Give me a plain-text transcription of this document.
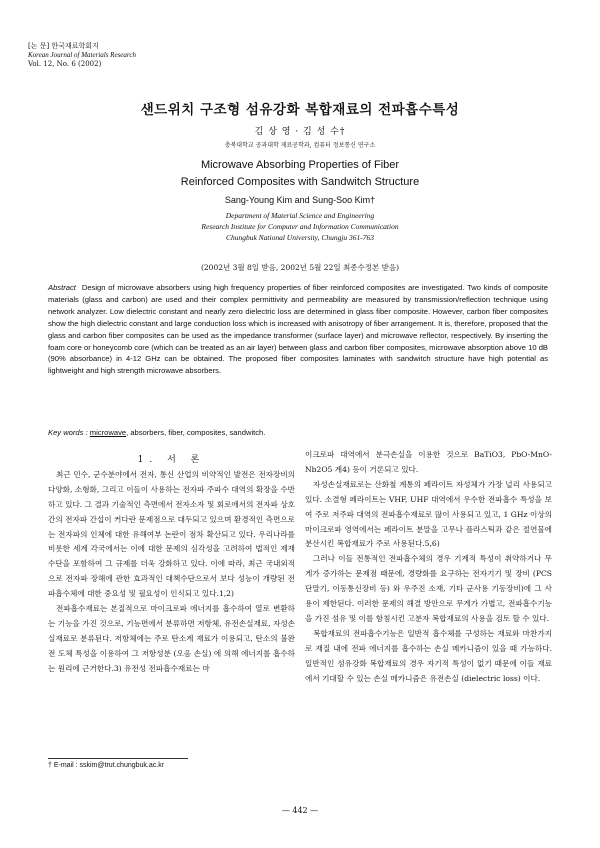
[논 문] 한국재료학회지
Korean Journal of Materials Research
Vol. 12, No. 6 (2002)
샌드위치 구조형 섬유강화 복합재료의 전파흡수특성
김 상 영 · 김 성 수†
충북대학교 공과대학 재료공학과, 컴퓨터 정보통신 연구소
Microwave Absorbing Properties of Fiber
Reinforced Composites with Sandwitch Structure
Sang-Young Kim and Sung-Soo Kim†
Department of Material Science and Engineering
Research Institute for Computer and Information Communication
Chungbuk National University, Chungju 361-763
(2002년 3월 8일 받음, 2002년 5월 22일 최종수정본 받음)
Abstract Design of microwave absorbers using high frequency properties of fiber reinforced composites are investigated. Two kinds of composite materials (glass and carbon) are used and their complex permittivity and permeability are measured by transmission/reflection technique using network analyzer. Low dielectric constant and nearly zero dielectric loss are determined in glass fiber composite. However, carbon fiber composites show the high dielectric constant and large conduction loss which is increased with anisotropy of fiber arrangement. It is, therefore, proposed that the glass and carbon fiber composites can be used as the impedance transformer (surface layer) and microwave reflector, respectively. By inserting the foam core or honeycomb core (which can be treated as an air layer) between glass and carbon fiber composites, microwave absorption above 10 dB (90% absorbance) in 4-12 GHz can be obtained. The proposed fiber composites laminates with sandwitch structure have high potential as lightweight and high strength microwave absorbers.
Key words : microwave, absorbers, fiber, composites, sandwitch.

1. 서 론

최근 민수, 군수분야에서 전자, 통신 산업의 비약적인 발전은 전자장비의 다양화, 소형화, 그리고 이들이 사용하는 전자파 주파수 대역의 확장을 수반하고 있다. 그 결과 기술적인 측면에서 전자소자 및 회로에서의 전자파 상호간의 전자파 간섭이 커다란 문제점으로 대두되고 있으며 환경적인 측면으로는 전자파의 인체에 대한 유해여부 논란이 점차 확산되고 있다. 우리나라를 비롯한 세계 각국에서는 이에 대한 문제의 심각성을 고려하여 법적인 제재수단을 포함하여 그 규제를 더욱 강화하고 있다. 이에 따라, 최근 국내외적으로 전자파 장해에 관한 효과적인 대책수단으로서 보다 성능이 개량된 전파흡수체에 대한 중요성 및 필요성이 인식되고 있다.1,2)

전파흡수재료는 본질적으로 마이크로파 에너지를 흡수하여 열로 변환하는 기능을 가진 것으로, 기능면에서 분류하면 저항체, 유전손실재료, 자성손실재료로 분류된다. 저항체에는 주로 탄소계 재료가 이용되고, 탄소의 불완전 도체 특성을 이용하여 그 저항성분 (오옴 손실) 에 의해 에너지를 흡수하는 원리에 근거한다.3) 유전성 전파흡수재료는 마

이크로파 대역에서 분극손실을 이용한 것으로 BaTiO3, PbO-MnO-Nb2O5 계4) 등이 거론되고 있다.

자성손실재료로는 산화철 계통의 페라이트 자성체가 가장 널리 사용되고 있다. 소결형 페라이트는 VHF, UHF 대역에서 우수한 전파흡수 특성을 보여 주로 저주파 대역의 전파흡수재료로 많이 사용되고 있고, 1 GHz 이상의 마이크로파 영역에서는 페라이트 분말을 고무나 플라스틱과 같은 절연물에 분산시킨 복합재료가 주로 사용된다.5,6)

그러나 이들 전통적인 전파흡수체의 경우 기계적 특성이 취약하거나 무게가 증가하는 문제점 때문에, 경량화를 요구하는 전자기기 및 장비 (PCS 단말기, 이동통신장비 등) 와 우주진 소재, 기타 군사용 기동장비)에 그 사용이 제한된다. 이러한 문제의 해결 방안으로 무게가 가볍고, 전파흡수기능을 가진 섬유 및 이를 함침시킨 고분자 복합재료의 사용을 검토 할 수 있다.

복합재료의 전파흡수기능은 일반적 흡수체를 구성하는 재료와 마찬가지로 재질 내에 전파 에너지를 흡수하는 손실 메카니즘이 있을 때 가능하다. 일반적인 섬유강화 복합재료의 경우 자기적 특성이 없기 때문에 이들 재료에서 기대할 수 있는 손실 메카니즘은 유전손실 (dielectric loss) 이다.

† E-mail : sskim@trut.chungbuk.ac.kr
— 442 —
